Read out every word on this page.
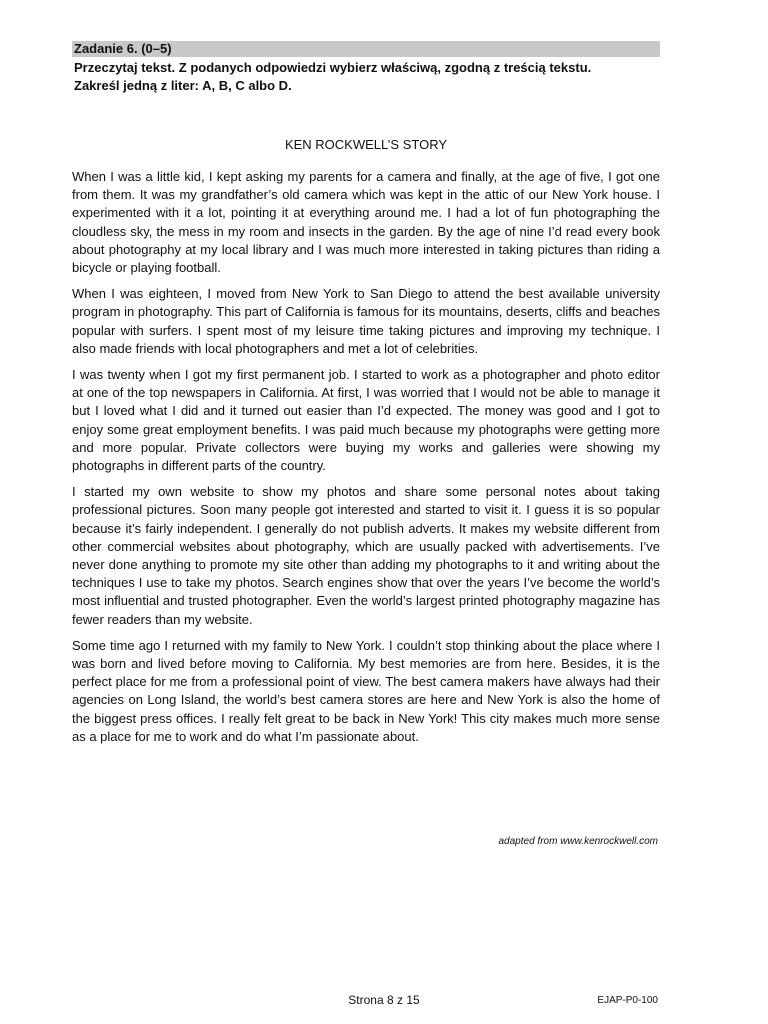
Zadanie 6. (0–5)
Przeczytaj tekst. Z podanych odpowiedzi wybierz właściwą, zgodną z treścią tekstu.
Zakreśl jedną z liter: A, B, C albo D.
KEN ROCKWELL’S STORY

When I was a little kid, I kept asking my parents for a camera and finally, at the age of five, I got one from them. It was my grandfather’s old camera which was kept in the attic of our New York house. I experimented with it a lot, pointing it at everything around me. I had a lot of fun photographing the cloudless sky, the mess in my room and insects in the garden. By the age of nine I’d read every book about photography at my local library and I was much more interested in taking pictures than riding a bicycle or playing football.

When I was eighteen, I moved from New York to San Diego to attend the best available university program in photography. This part of California is famous for its mountains, deserts, cliffs and beaches popular with surfers. I spent most of my leisure time taking pictures and improving my technique. I also made friends with local photographers and met a lot of celebrities.

I was twenty when I got my first permanent job. I started to work as a photographer and photo editor at one of the top newspapers in California. At first, I was worried that I would not be able to manage it but I loved what I did and it turned out easier than I’d expected. The money was good and I got to enjoy some great employment benefits. I was paid much because my photographs were getting more and more popular. Private collectors were buying my works and galleries were showing my photographs in different parts of the country.

I started my own website to show my photos and share some personal notes about taking professional pictures. Soon many people got interested and started to visit it. I guess it is so popular because it’s fairly independent. I generally do not publish adverts. It makes my website different from other commercial websites about photography, which are usually packed with advertisements. I’ve never done anything to promote my site other than adding my photographs to it and writing about the techniques I use to take my photos. Search engines show that over the years I’ve become the world’s most influential and trusted photographer. Even the world’s largest printed photography magazine has fewer readers than my website.

Some time ago I returned with my family to New York. I couldn’t stop thinking about the place where I was born and lived before moving to California. My best memories are from here. Besides, it is the perfect place for me from a professional point of view. The best camera makers have always had their agencies on Long Island, the world’s best camera stores are here and New York is also the home of the biggest press offices. I really felt great to be back in New York! This city makes much more sense as a place for me to work and do what I’m passionate about.

adapted from www.kenrockwell.com
Strona 8 z 15	EJAP-P0-100
